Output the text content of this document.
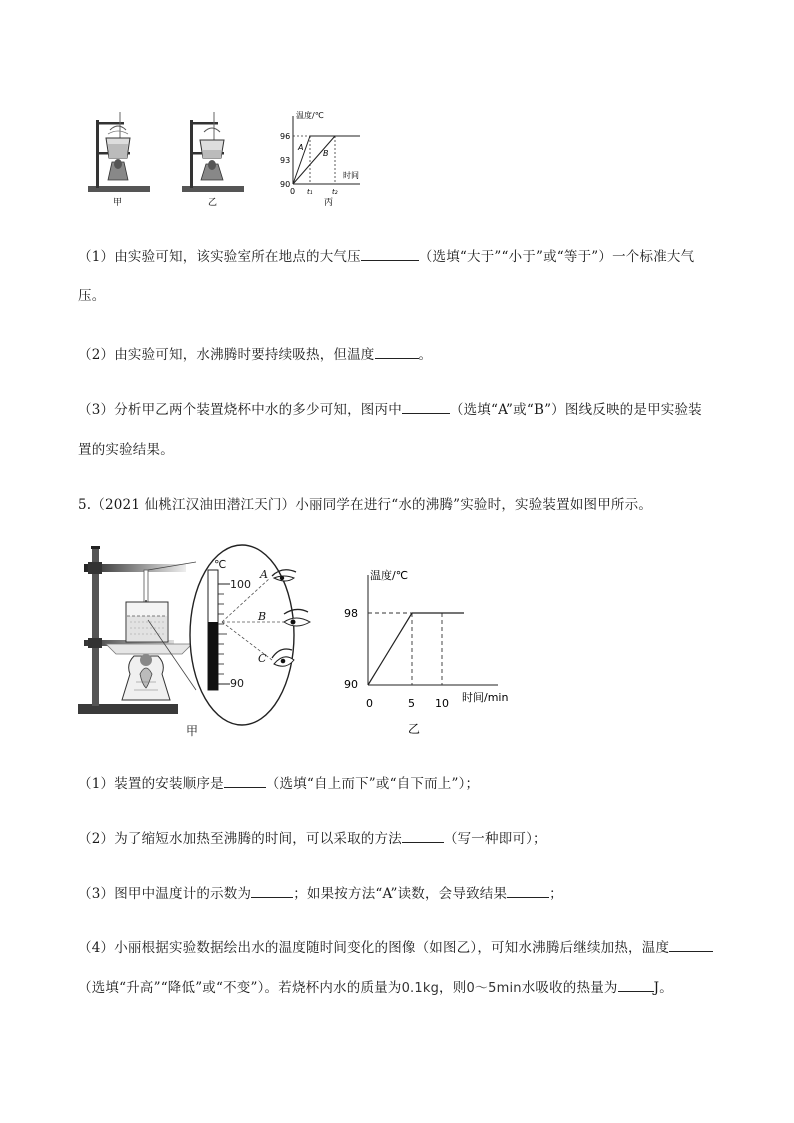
甲	乙
温度/℃
96
93
90
0 t₁	t₂
时间
A
B
丙
（1）由实验可知，该实验室所在地点的大气压	（选填“大于”“小于”或“等于”）一个标准大气
压。
（2）由实验可知，水沸腾时要持续吸热，但温度	。
（3）分析甲乙两个装置烧杯中水的多少可知，图丙中	（选填“A”或“B”）图线反映的是甲实验装
置的实验结果。
5.（2021 仙桃江汉油田潜江天门）小丽同学在进行“水的沸腾”实验时，实验装置如图甲所示。
℃
100
90
A
B
C
甲
温度/℃
98
90
0	5 10 时间/min
乙
（1）装置的安装顺序是	（选填“自上而下”或“自下而上”）；
（2）为了缩短水加热至沸腾的时间，可以采取的方法	（写一种即可）；
（3）图甲中温度计的示数为	；如果按方法“A”读数，会导致结果	；
（4）小丽根据实验数据绘出水的温度随时间变化的图像（如图乙），可知水沸腾后继续加热，温度
（选填“升高”“降低”或“不变”）。若烧杯内水的质量为0.1kg，则0～5min水吸收的热量为	J。
